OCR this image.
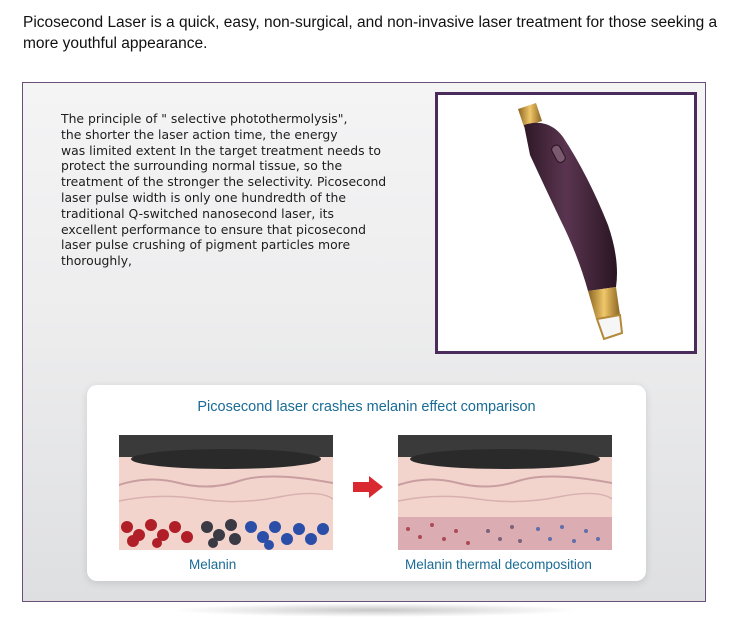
Picosecond Laser is a quick, easy, non-surgical, and non-invasive laser treatment for those seeking a more youthful appearance.
The principle of " selective photothermolysis",
the shorter the laser action time, the energy
was limited extent In the target treatment needs to
protect the surrounding normal tissue, so the
treatment of the stronger the selectivity. Picosecond
laser pulse width is only one hundredth of the
traditional Q-switched nanosecond laser, its
excellent performance to ensure that picosecond
laser pulse crushing of pigment particles more
thoroughly,
Picosecond laser crashes melanin effect comparison
Melanin	Melanin thermal decomposition
